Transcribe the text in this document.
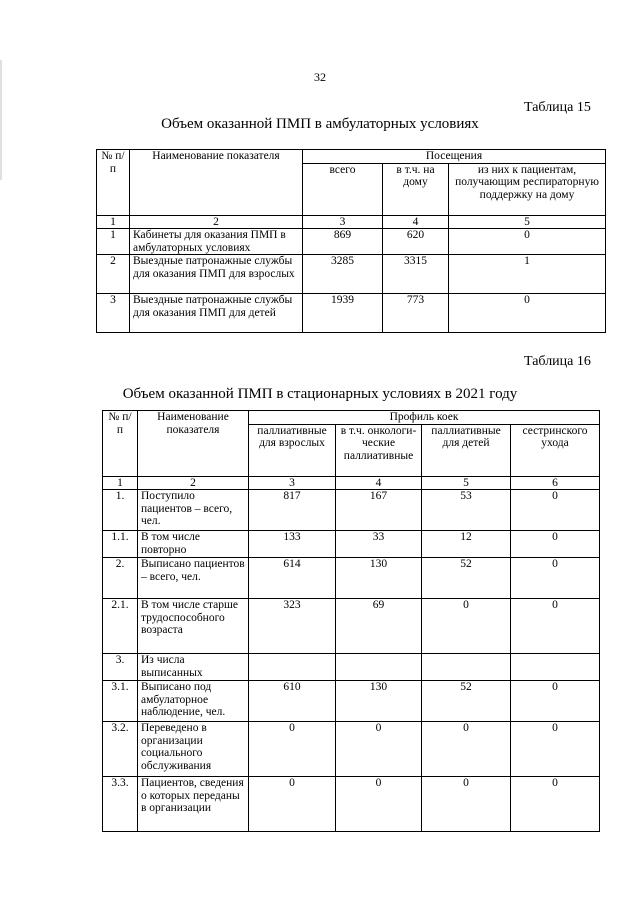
32
Таблица 15
Объем оказанной ПМП в амбулаторных условиях
№ п/п	Наименование показателя	Посещения		
		всего	в т.ч. на дому	из них к пациентам, получающим респираторную поддержку на дому
1	2	3	4	5
1	Кабинеты для оказания ПМП в амбулаторных условиях	869	620	0
2	Выездные патронажные службы для оказания ПМП для взрослых	3285	3315	1
3	Выездные патронажные службы для оказания ПМП для детей	1939	773	0
Таблица 16
Объем оказанной ПМП в стационарных условиях в 2021 году
№ п/п	Наименование показателя	Профиль коек			
		паллиативные для взрослых	в т.ч. онкологи-ческие паллиативные	паллиативные для детей	сестринского ухода
1	2	3	4	5	6
1.	Поступило пациентов – всего, чел.	817	167	53	0
1.1.	В том числе повторно	133	33	12	0
2.	Выписано пациентов – всего, чел.	614	130	52	0
2.1.	В том числе старше трудоспособного возраста	323	69	0	0
3.	Из числа выписанных				
3.1.	Выписано под амбулаторное наблюдение, чел.	610	130	52	0
3.2.	Переведено в организации социального обслуживания	0	0	0	0
3.3.	Пациентов, сведения о которых переданы в организации	0	0	0	0
